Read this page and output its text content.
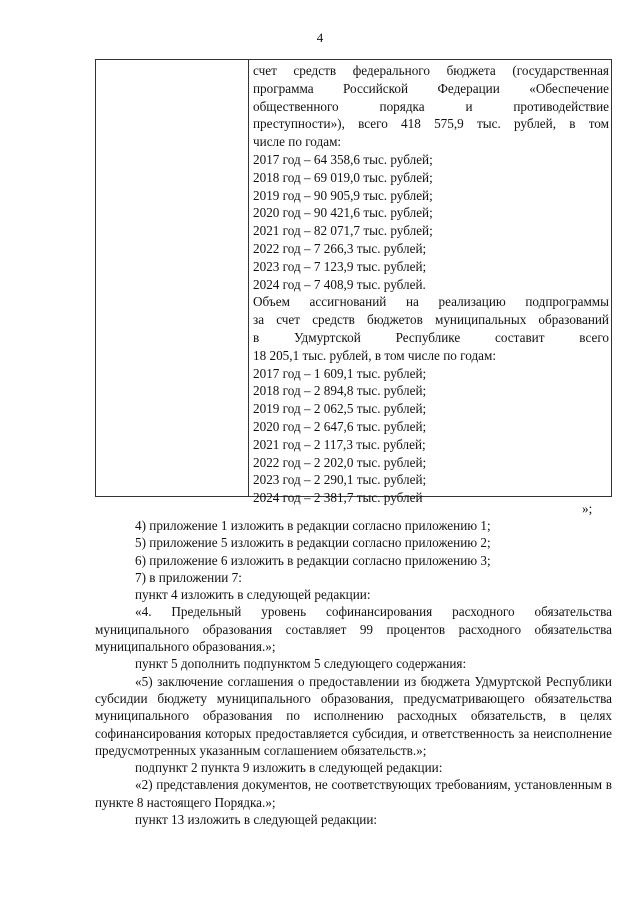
4
счет средств федерального бюджета (государственная
программа Российской Федерации «Обеспечение
общественного порядка и противодействие
преступности»), всего 418 575,9 тыс. рублей, в том
числе по годам:
2017 год – 64 358,6 тыс. рублей;
2018 год – 69 019,0 тыс. рублей;
2019 год – 90 905,9 тыс. рублей;
2020 год – 90 421,6 тыс. рублей;
2021 год – 82 071,7 тыс. рублей;
2022 год – 7 266,3 тыс. рублей;
2023 год – 7 123,9 тыс. рублей;
2024 год – 7 408,9 тыс. рублей.
Объем ассигнований на реализацию подпрограммы
за счет средств бюджетов муниципальных образований
в Удмуртской Республике составит всего
18 205,1 тыс. рублей, в том числе по годам:
2017 год – 1 609,1 тыс. рублей;
2018 год – 2 894,8 тыс. рублей;
2019 год – 2 062,5 тыс. рублей;
2020 год – 2 647,6 тыс. рублей;
2021 год – 2 117,3 тыс. рублей;
2022 год – 2 202,0 тыс. рублей;
2023 год – 2 290,1 тыс. рублей;
2024 год – 2 381,7 тыс. рублей
»;

4) приложение 1 изложить в редакции согласно приложению 1;

5) приложение 5 изложить в редакции согласно приложению 2;

6) приложение 6 изложить в редакции согласно приложению 3;

7) в приложении 7:

пункт 4 изложить в следующей редакции:

«4. Предельный уровень софинансирования расходного обязательства муниципального образования составляет 99 процентов расходного обязательства муниципального образования.»;

пункт 5 дополнить подпунктом 5 следующего содержания:

«5) заключение соглашения о предоставлении из бюджета Удмуртской Республики субсидии бюджету муниципального образования, предусматривающего обязательства муниципального образования по исполнению расходных обязательств, в целях софинансирования которых предоставляется субсидия, и ответственность за неисполнение предусмотренных указанным соглашением обязательств.»;

подпункт 2 пункта 9 изложить в следующей редакции:

«2) представления документов, не соответствующих требованиям, установленным в пункте 8 настоящего Порядка.»;

пункт 13 изложить в следующей редакции:
